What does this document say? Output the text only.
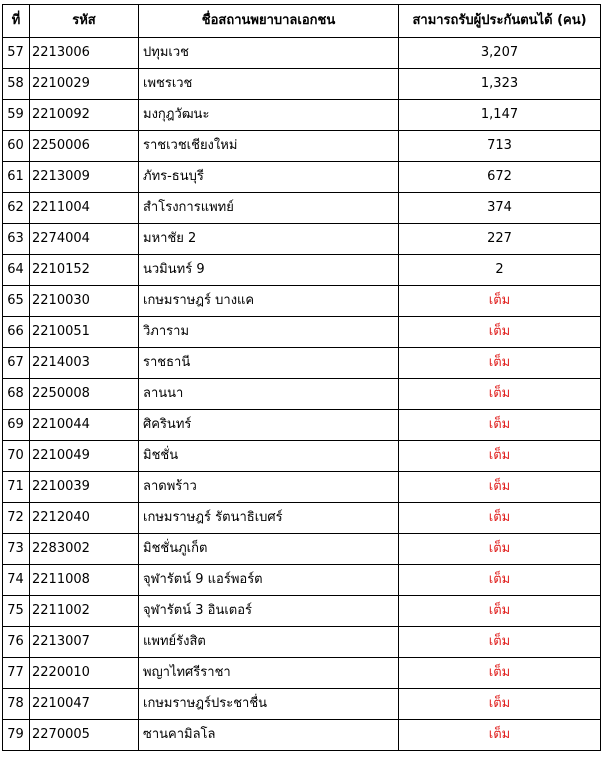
ที่	รหัส	ชื่อสถานพยาบาลเอกชน	สามารถรับผู้ประกันตนได้ (คน)
57	2213006	ปทุมเวช	3,207
58	2210029	เพชรเวช	1,323
59	2210092	มงกุฎวัฒนะ	1,147
60	2250006	ราชเวชเชียงใหม่	713
61	2213009	ภัทร-ธนบุรี	672
62	2211004	สำโรงการแพทย์	374
63	2274004	มหาชัย 2	227
64	2210152	นวมินทร์ 9	2
65	2210030	เกษมราษฎร์ บางแค	เต็ม
66	2210051	วิภาราม	เต็ม
67	2214003	ราชธานี	เต็ม
68	2250008	ลานนา	เต็ม
69	2210044	ศิครินทร์	เต็ม
70	2210049	มิชชั่น	เต็ม
71	2210039	ลาดพร้าว	เต็ม
72	2212040	เกษมราษฎร์ รัตนาธิเบศร์	เต็ม
73	2283002	มิชชั่นภูเก็ต	เต็ม
74	2211008	จุฬารัตน์ 9 แอร์พอร์ต	เต็ม
75	2211002	จุฬารัตน์ 3 อินเตอร์	เต็ม
76	2213007	แพทย์รังสิต	เต็ม
77	2220010	พญาไทศรีราชา	เต็ม
78	2210047	เกษมราษฎร์ประชาชื่น	เต็ม
79	2270005	ซานคามิลโล	เต็ม
